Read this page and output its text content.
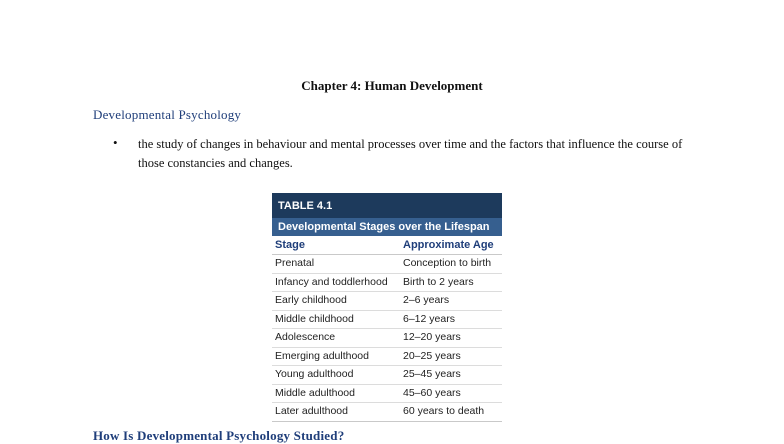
Chapter 4: Human Development
Developmental Psychology
• the study of changes in behaviour and mental processes over time and the factors that influence the course of those constancies and changes.
TABLE 4.1
Developmental Stages over the Lifespan
Stage	Approximate Age
Prenatal	Conception to birth
Infancy and toddlerhood	Birth to 2 years
Early childhood	2–6 years
Middle childhood	6–12 years
Adolescence	12–20 years
Emerging adulthood	20–25 years
Young adulthood	25–45 years
Middle adulthood	45–60 years
Later adulthood	60 years to death
How Is Developmental Psychology Studied?
